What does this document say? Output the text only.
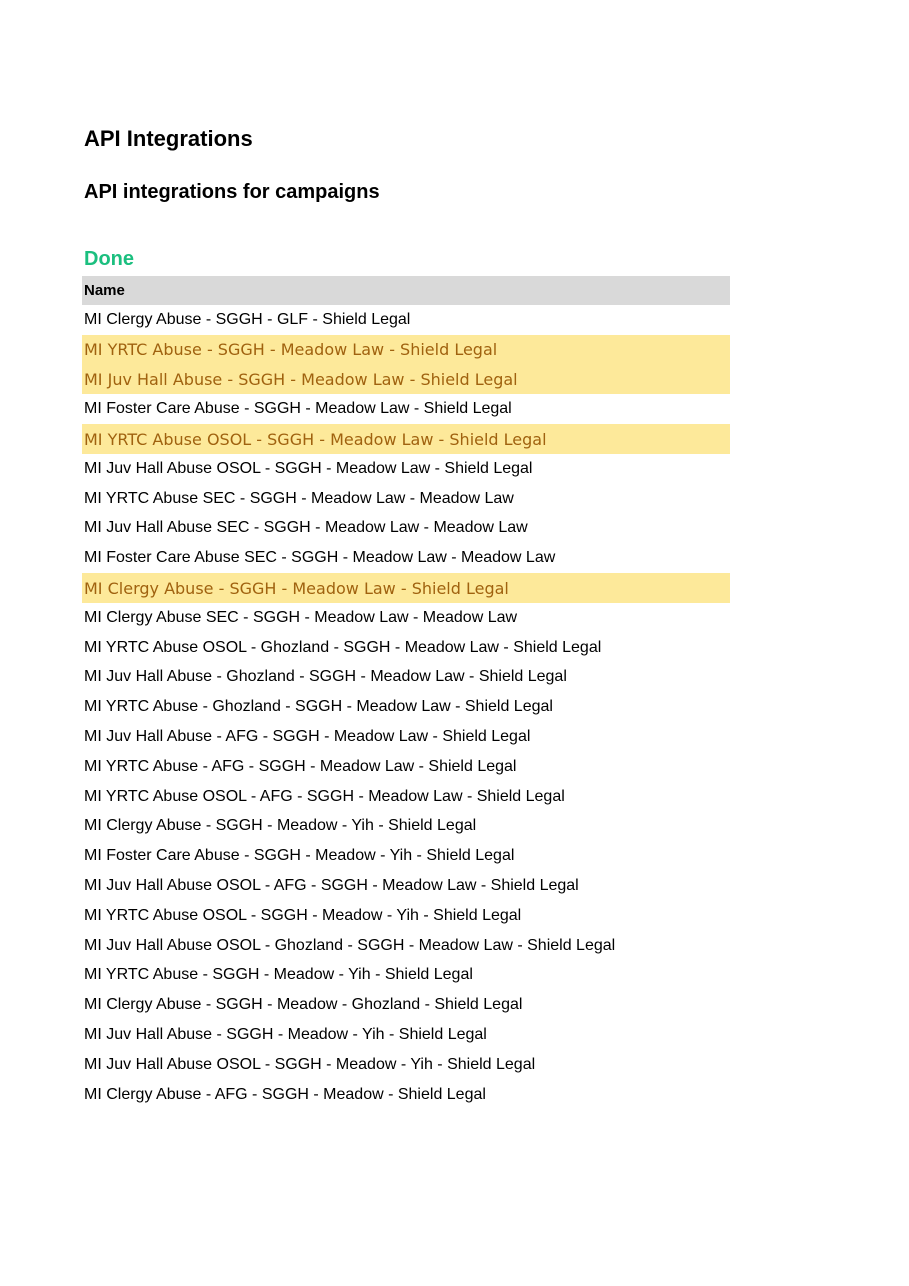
API Integrations
API integrations for campaigns
Done
Name
MI Clergy Abuse - SGGH - GLF - Shield Legal
MI YRTC Abuse - SGGH - Meadow Law - Shield Legal
MI Juv Hall Abuse - SGGH - Meadow Law - Shield Legal
MI Foster Care Abuse - SGGH - Meadow Law - Shield Legal
MI YRTC Abuse OSOL - SGGH - Meadow Law - Shield Legal
MI Juv Hall Abuse OSOL - SGGH - Meadow Law - Shield Legal
MI YRTC Abuse SEC - SGGH - Meadow Law - Meadow Law
MI Juv Hall Abuse SEC - SGGH - Meadow Law - Meadow Law
MI Foster Care Abuse SEC - SGGH - Meadow Law - Meadow Law
MI Clergy Abuse - SGGH - Meadow Law - Shield Legal
MI Clergy Abuse SEC - SGGH - Meadow Law - Meadow Law
MI YRTC Abuse OSOL - Ghozland - SGGH - Meadow Law - Shield Legal
MI Juv Hall Abuse - Ghozland - SGGH - Meadow Law - Shield Legal
MI YRTC Abuse - Ghozland - SGGH - Meadow Law - Shield Legal
MI Juv Hall Abuse - AFG - SGGH - Meadow Law - Shield Legal
MI YRTC Abuse - AFG - SGGH - Meadow Law - Shield Legal
MI YRTC Abuse OSOL - AFG - SGGH - Meadow Law - Shield Legal
MI Clergy Abuse - SGGH - Meadow - Yih - Shield Legal
MI Foster Care Abuse - SGGH - Meadow - Yih - Shield Legal
MI Juv Hall Abuse OSOL - AFG - SGGH - Meadow Law - Shield Legal
MI YRTC Abuse OSOL - SGGH - Meadow - Yih - Shield Legal
MI Juv Hall Abuse OSOL - Ghozland - SGGH - Meadow Law - Shield Legal
MI YRTC Abuse - SGGH - Meadow - Yih - Shield Legal
MI Clergy Abuse - SGGH - Meadow - Ghozland - Shield Legal
MI Juv Hall Abuse - SGGH - Meadow - Yih - Shield Legal
MI Juv Hall Abuse OSOL - SGGH - Meadow - Yih - Shield Legal
MI Clergy Abuse - AFG - SGGH - Meadow - Shield Legal
